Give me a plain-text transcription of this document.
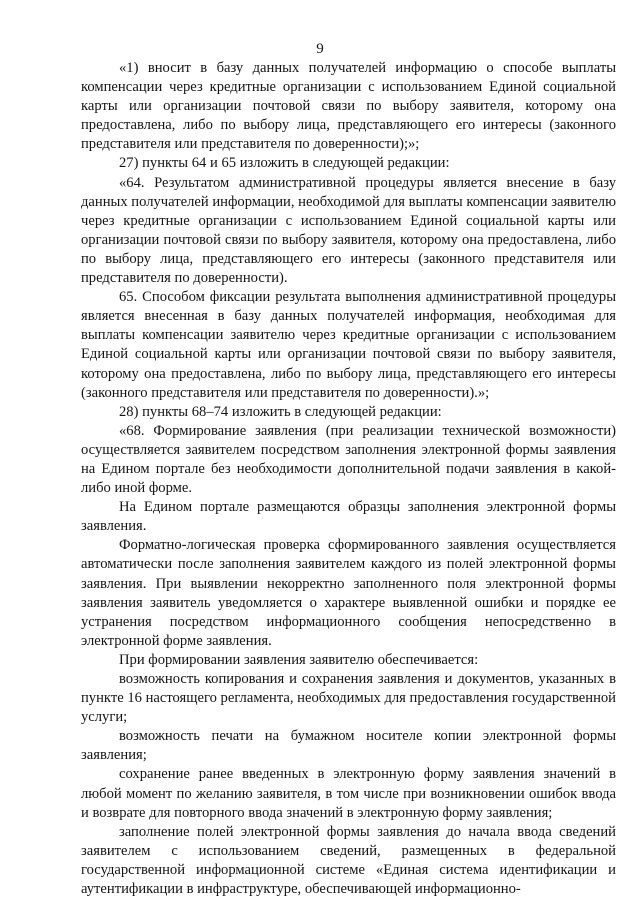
9

«1) вносит в базу данных получателей информацию о способе выплаты компенсации через кредитные организации с использованием Единой социальной карты или организации почтовой связи по выбору заявителя, которому она предоставлена, либо по выбору лица, представляющего его интересы (законного представителя или представителя по доверенности);»;

27) пункты 64 и 65 изложить в следующей редакции:

«64. Результатом административной процедуры является внесение в базу данных получателей информации, необходимой для выплаты компенсации заявителю через кредитные организации с использованием Единой социальной карты или организации почтовой связи по выбору заявителя, которому она предоставлена, либо по выбору лица, представляющего его интересы (законного представителя или представителя по доверенности).

65. Способом фиксации результата выполнения административной процедуры является внесенная в базу данных получателей информация, необходимая для выплаты компенсации заявителю через кредитные организации с использованием Единой социальной карты или организации почтовой связи по выбору заявителя, которому она предоставлена, либо по выбору лица, представляющего его интересы (законного представителя или представителя по доверенности).»;

28) пункты 68–74 изложить в следующей редакции:

«68. Формирование заявления (при реализации технической возможности) осуществляется заявителем посредством заполнения электронной формы заявления на Едином портале без необходимости дополнительной подачи заявления в какой-либо иной форме.

На Едином портале размещаются образцы заполнения электронной формы заявления.

Форматно-логическая проверка сформированного заявления осуществляется автоматически после заполнения заявителем каждого из полей электронной формы заявления. При выявлении некорректно заполненного поля электронной формы заявления заявитель уведомляется о характере выявленной ошибки и порядке ее устранения посредством информационного сообщения непосредственно в электронной форме заявления.

При формировании заявления заявителю обеспечивается:

возможность копирования и сохранения заявления и документов, указанных в пункте 16 настоящего регламента, необходимых для предоставления государственной услуги;

возможность печати на бумажном носителе копии электронной формы заявления;

сохранение ранее введенных в электронную форму заявления значений в любой момент по желанию заявителя, в том числе при возникновении ошибок ввода и возврате для повторного ввода значений в электронную форму заявления;

заполнение полей электронной формы заявления до начала ввода сведений заявителем с использованием сведений, размещенных в федеральной государственной информационной системе «Единая система идентификации и аутентификации в инфраструктуре, обеспечивающей информационно-
